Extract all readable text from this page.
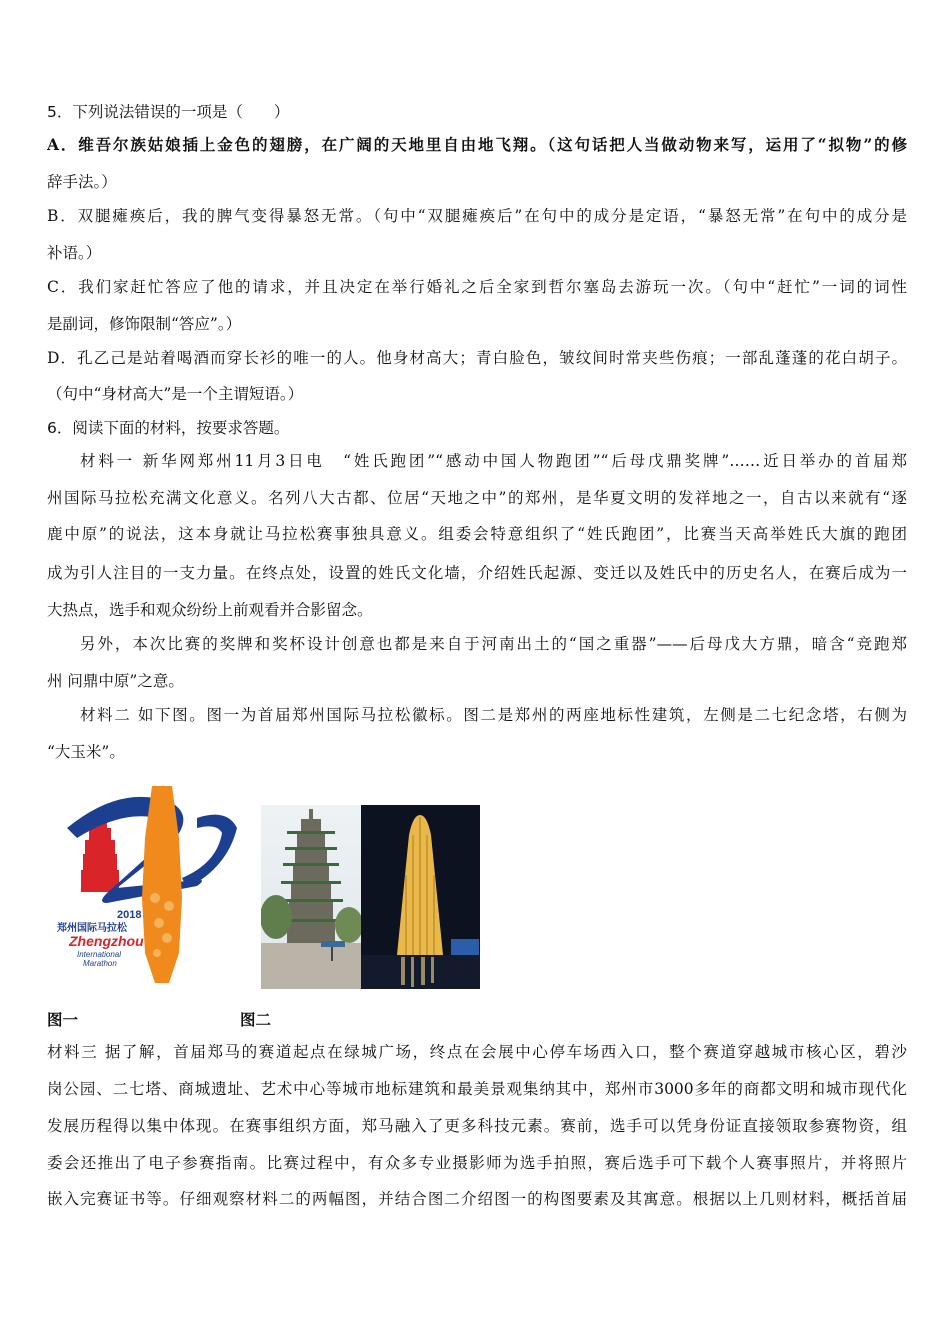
5．下列说法错误的一项是（　　）
A．维吾尔族姑娘插上金色的翅膀，在广阔的天地里自由地飞翔。（这句话把人当做动物来写，运用了“拟物”的修
辞手法。）
B．双腿瘫痪后，我的脾气变得暴怒无常。（句中“双腿瘫痪后”在句中的成分是定语，“暴怒无常”在句中的成分是
补语。）
C．我们家赶忙答应了他的请求，并且决定在举行婚礼之后全家到哲尔塞岛去游玩一次。（句中“赶忙”一词的词性
是副词，修饰限制“答应”。）
D．孔乙己是站着喝酒而穿长衫的唯一的人。他身材高大；青白脸色，皱纹间时常夹些伤痕；一部乱蓬蓬的花白胡子。
（句中“身材高大”是一个主谓短语。）
6．阅读下面的材料，按要求答题。
材料一 新华网郑州11月3日电　“姓氏跑团”“感动中国人物跑团”“后母戊鼎奖牌”……近日举办的首届郑
州国际马拉松充满文化意义。名列八大古都、位居“天地之中”的郑州，是华夏文明的发祥地之一，自古以来就有“逐
鹿中原”的说法，这本身就让马拉松赛事独具意义。组委会特意组织了“姓氏跑团”，比赛当天高举姓氏大旗的跑团
成为引人注目的一支力量。在终点处，设置的姓氏文化墙，介绍姓氏起源、变迁以及姓氏中的历史名人，在赛后成为一
大热点，选手和观众纷纷上前观看并合影留念。
另外，本次比赛的奖牌和奖杯设计创意也都是来自于河南出土的“国之重器”——后母戊大方鼎，暗含“竞跑郑
州 问鼎中原”之意。
材料二 如下图。图一为首届郑州国际马拉松徽标。图二是郑州的两座地标性建筑，左侧是二七纪念塔，右侧为
“大玉米”。
2018
郑州国际马拉松
Zhengzhou
International
Marathon
图一	图二
材料三 据了解，首届郑马的赛道起点在绿城广场，终点在会展中心停车场西入口，整个赛道穿越城市核心区，碧沙
岗公园、二七塔、商城遗址、艺术中心等城市地标建筑和最美景观集纳其中，郑州市3000多年的商都文明和城市现代化
发展历程得以集中体现。在赛事组织方面，郑马融入了更多科技元素。赛前，选手可以凭身份证直接领取参赛物资，组
委会还推出了电子参赛指南。比赛过程中，有众多专业摄影师为选手拍照，赛后选手可下载个人赛事照片，并将照片
嵌入完赛证书等。仔细观察材料二的两幅图，并结合图二介绍图一的构图要素及其寓意。根据以上几则材料，概括首届
